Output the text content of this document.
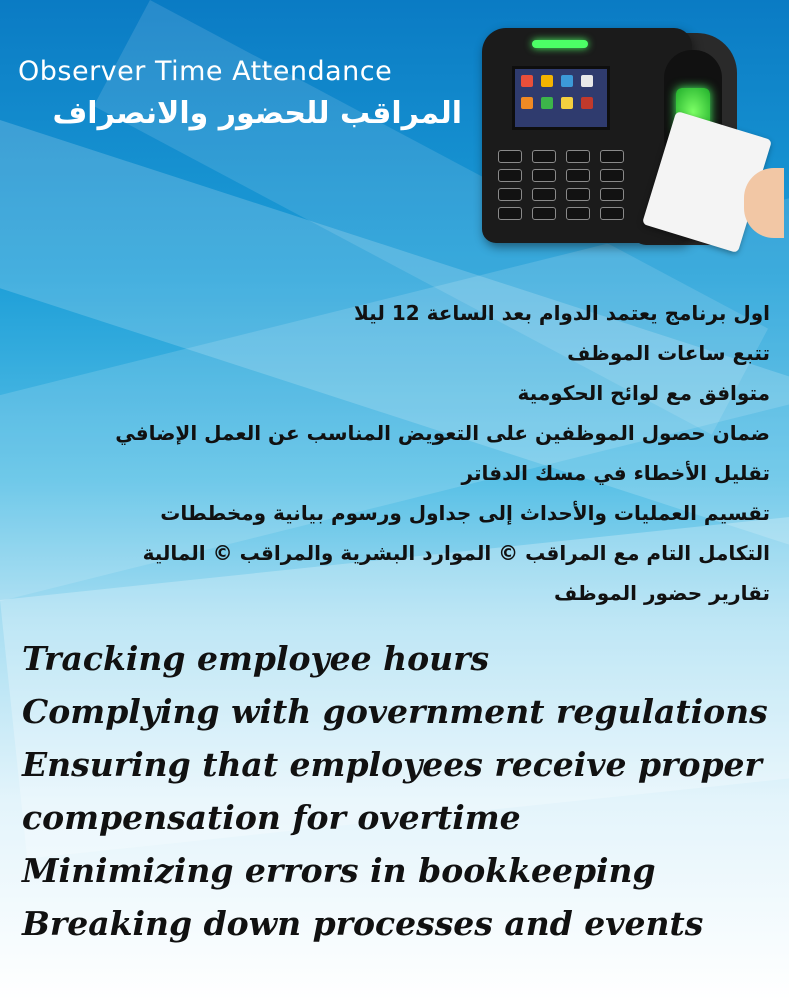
Observer Time Attendance
المراقب للحضور والانصراف
اول برنامج يعتمد الدوام بعد الساعة 12 ليلا
تتبع ساعات الموظف
متوافق مع لوائح الحكومية
ضمان حصول الموظفين على التعويض المناسب عن العمل الإضافي
تقليل الأخطاء في مسك الدفاتر
تقسيم العمليات والأحداث إلى جداول ورسوم بيانية ومخططات
التكامل التام مع المراقب © الموارد البشرية والمراقب © المالية
تقارير حضور الموظف
Tracking employee hours
Complying with government regulations
Ensuring that employees receive proper
compensation for overtime
Minimizing errors in bookkeeping
Breaking down processes and events
